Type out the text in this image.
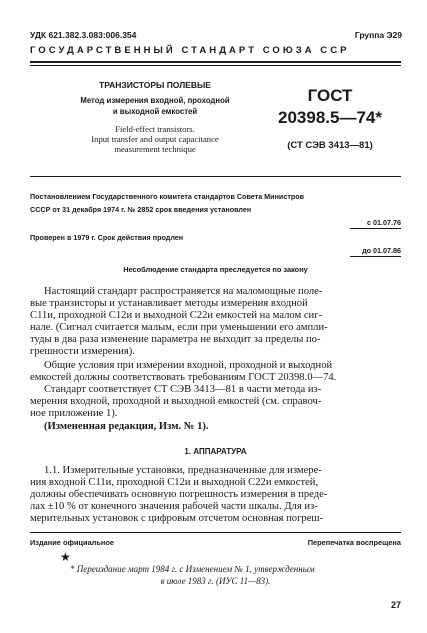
УДК 621.382.3.083:006.354	Группа Э29
ГОСУДАРСТВЕННЫЙ СТАНДАРТ СОЮЗА ССР
ТРАНЗИСТОРЫ ПОЛЕВЫЕ
Метод измерения входной, проходной
и выходной емкостей
Field-effect transistors.
Input transfer and output capacitance
measurement technique
ГОСТ
20398.5—74*
(СТ СЭВ 3413—81)
Постановлением Государственного комитета стандартов Совета Министров
СССР от 31 декабря 1974 г. № 2852 срок введения установлен
с 01.07.76
Проверен в 1979 г. Срок действия продлен
до 01.07.86
Несоблюдение стандарта преследуется по закону
Настоящий стандарт распространяется на маломощные поле-
вые транзисторы и устанавливает методы измерения входной
C11и, проходной C12и и выходной C22и емкостей на малом сиг-
нале. (Сигнал считается малым, если при уменьшении его ампли-
туды в два раза изменение параметра не выходит за пределы по-
грешности измерения).
Общие условия при измерении входной, проходной и выходной
емкостей должны соответствовать требованиям ГОСТ 20398.0—74.
Стандарт соответствует СТ СЭВ 3413—81 в части метода из-
мерения входной, проходной и выходной емкостей (см. справоч-
ное приложение 1).
(Измененная редакция, Изм. № 1).
1. АППАРАТУРА
1.1. Измерительные установки, предназначенные для измере-
ния входной C11и, проходной C12и и выходной C22и емкостей,
должны обеспечивать основную погрешность измерения в преде-
лах ±10 % от конечного значения рабочей части шкалы. Для из-
мерительных установок с цифровым отсчетом основная погреш-
Издание официальное	Перепечатка воспрещена
★
* Переиздание март 1984 г. с Изменением № 1, утвержденным
в июле 1983 г. (ИУС 11—83).
27
